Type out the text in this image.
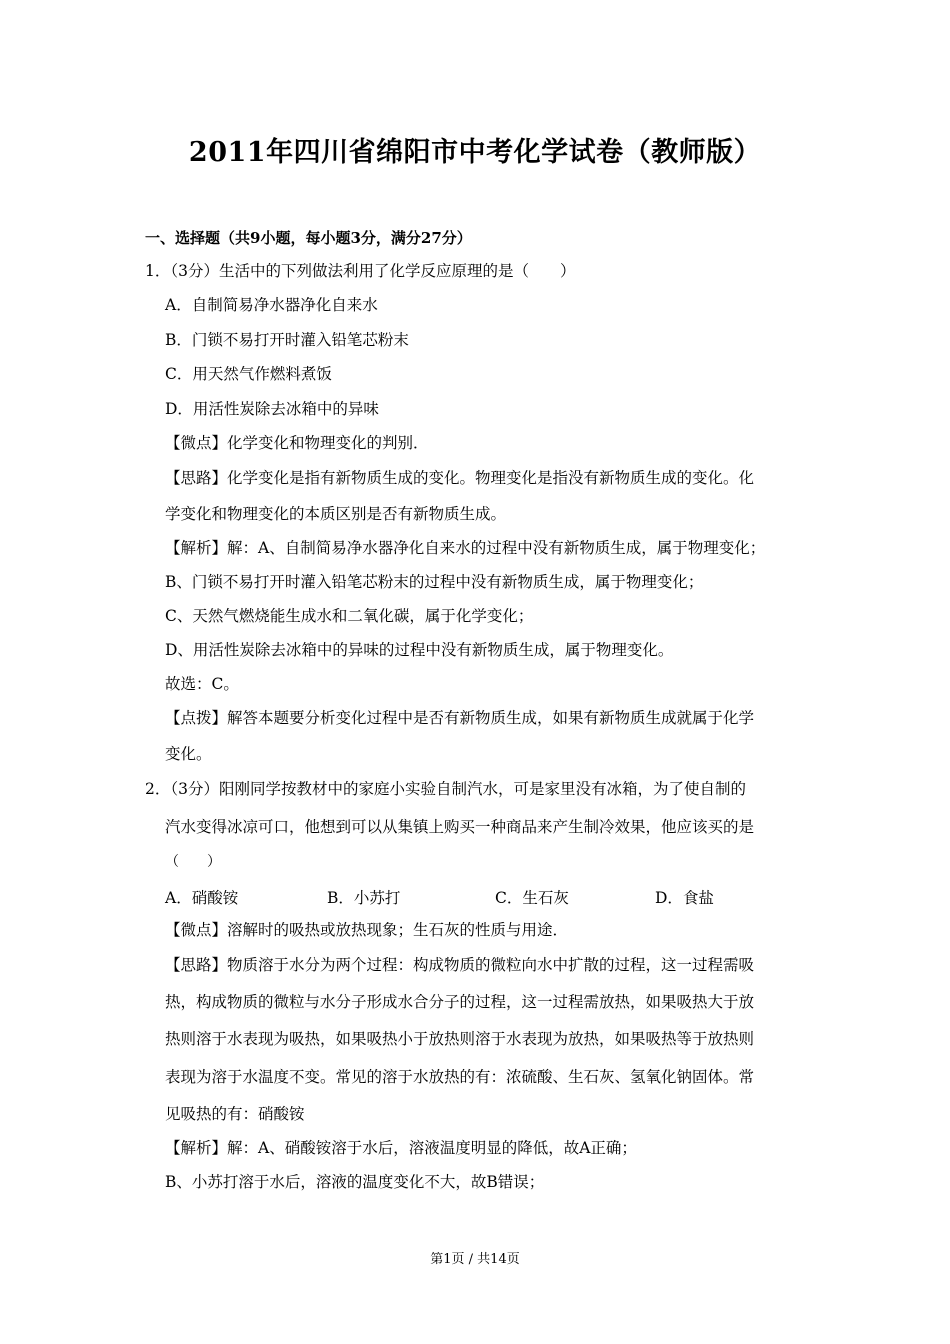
2011年四川省绵阳市中考化学试卷（教师版）
一、选择题（共9小题，每小题3分，满分27分）
1．（3分）生活中的下列做法利用了化学反应原理的是（　　）
A．自制简易净水器净化自来水
B．门锁不易打开时灌入铅笔芯粉末
C．用天然气作燃料煮饭
D．用活性炭除去冰箱中的异味
【微点】化学变化和物理变化的判别．
【思路】化学变化是指有新物质生成的变化。物理变化是指没有新物质生成的变化。化
学变化和物理变化的本质区别是否有新物质生成。
【解析】解：A、自制简易净水器净化自来水的过程中没有新物质生成，属于物理变化；
B、门锁不易打开时灌入铅笔芯粉末的过程中没有新物质生成，属于物理变化；
C、天然气燃烧能生成水和二氧化碳，属于化学变化；
D、用活性炭除去冰箱中的异味的过程中没有新物质生成，属于物理变化。
故选：C。
【点拨】解答本题要分析变化过程中是否有新物质生成，如果有新物质生成就属于化学
变化。
2．（3分）阳刚同学按教材中的家庭小实验自制汽水，可是家里没有冰箱，为了使自制的
汽水变得冰凉可口，他想到可以从集镇上购买一种商品来产生制冷效果，他应该买的是
（　　）
A．硝酸铵	B．小苏打	C．生石灰	D．食盐
【微点】溶解时的吸热或放热现象；生石灰的性质与用途．
【思路】物质溶于水分为两个过程：构成物质的微粒向水中扩散的过程，这一过程需吸
热，构成物质的微粒与水分子形成水合分子的过程，这一过程需放热，如果吸热大于放
热则溶于水表现为吸热，如果吸热小于放热则溶于水表现为放热，如果吸热等于放热则
表现为溶于水温度不变。常见的溶于水放热的有：浓硫酸、生石灰、氢氧化钠固体。常
见吸热的有：硝酸铵
【解析】解：A、硝酸铵溶于水后，溶液温度明显的降低，故A正确；
B、小苏打溶于水后，溶液的温度变化不大，故B错误；
第1页 / 共14页
